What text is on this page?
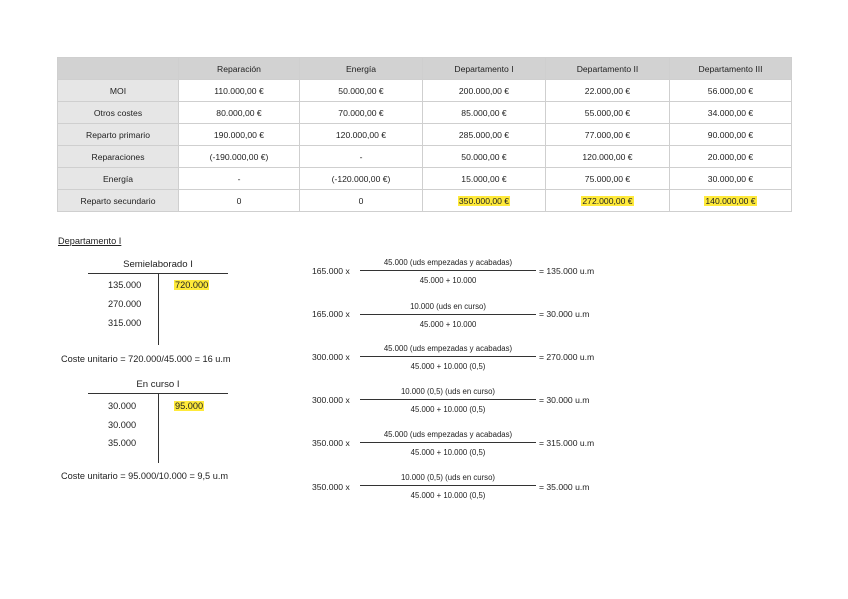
	Reparación	Energía	Departamento I	Departamento II	Departamento III
MOI	110.000,00 €	50.000,00 €	200.000,00 €	22.000,00 €	56.000,00 €
Otros costes	80.000,00 €	70.000,00 €	85.000,00 €	55.000,00 €	34.000,00 €
Reparto primario	190.000,00 €	120.000,00 €	285.000,00 €	77.000,00 €	90.000,00 €
Reparaciones	(-190.000,00 €)	-	50.000,00 €	120.000,00 €	20.000,00 €
Energía	-	(-120.000,00 €)	15.000,00 €	75.000,00 €	30.000,00 €
Reparto secundario	0	0	350.000,00 €	272.000,00 €	140.000,00 €
Departamento I
Semielaborado I
135.000
270.000
315.000
720.000
Coste unitario = 720.000/45.000 = 16 u.m
En curso I
30.000
30.000
35.000
95.000
Coste unitario = 95.000/10.000 = 9,5 u.m
165.000 x
45.000 (uds empezadas y acabadas)
45.000 + 10.000
= 135.000 u.m
165.000 x
10.000 (uds en curso)
45.000 + 10.000
= 30.000 u.m
300.000 x
45.000 (uds empezadas y acabadas)
45.000 + 10.000 (0,5)
= 270.000 u.m
300.000 x
10.000 (0,5) (uds en curso)
45.000 + 10.000 (0,5)
= 30.000 u.m
350.000 x
45.000 (uds empezadas y acabadas)
45.000 + 10.000 (0,5)
= 315.000 u.m
350.000 x
10.000 (0,5) (uds en curso)
45.000 + 10.000 (0,5)
= 35.000 u.m
